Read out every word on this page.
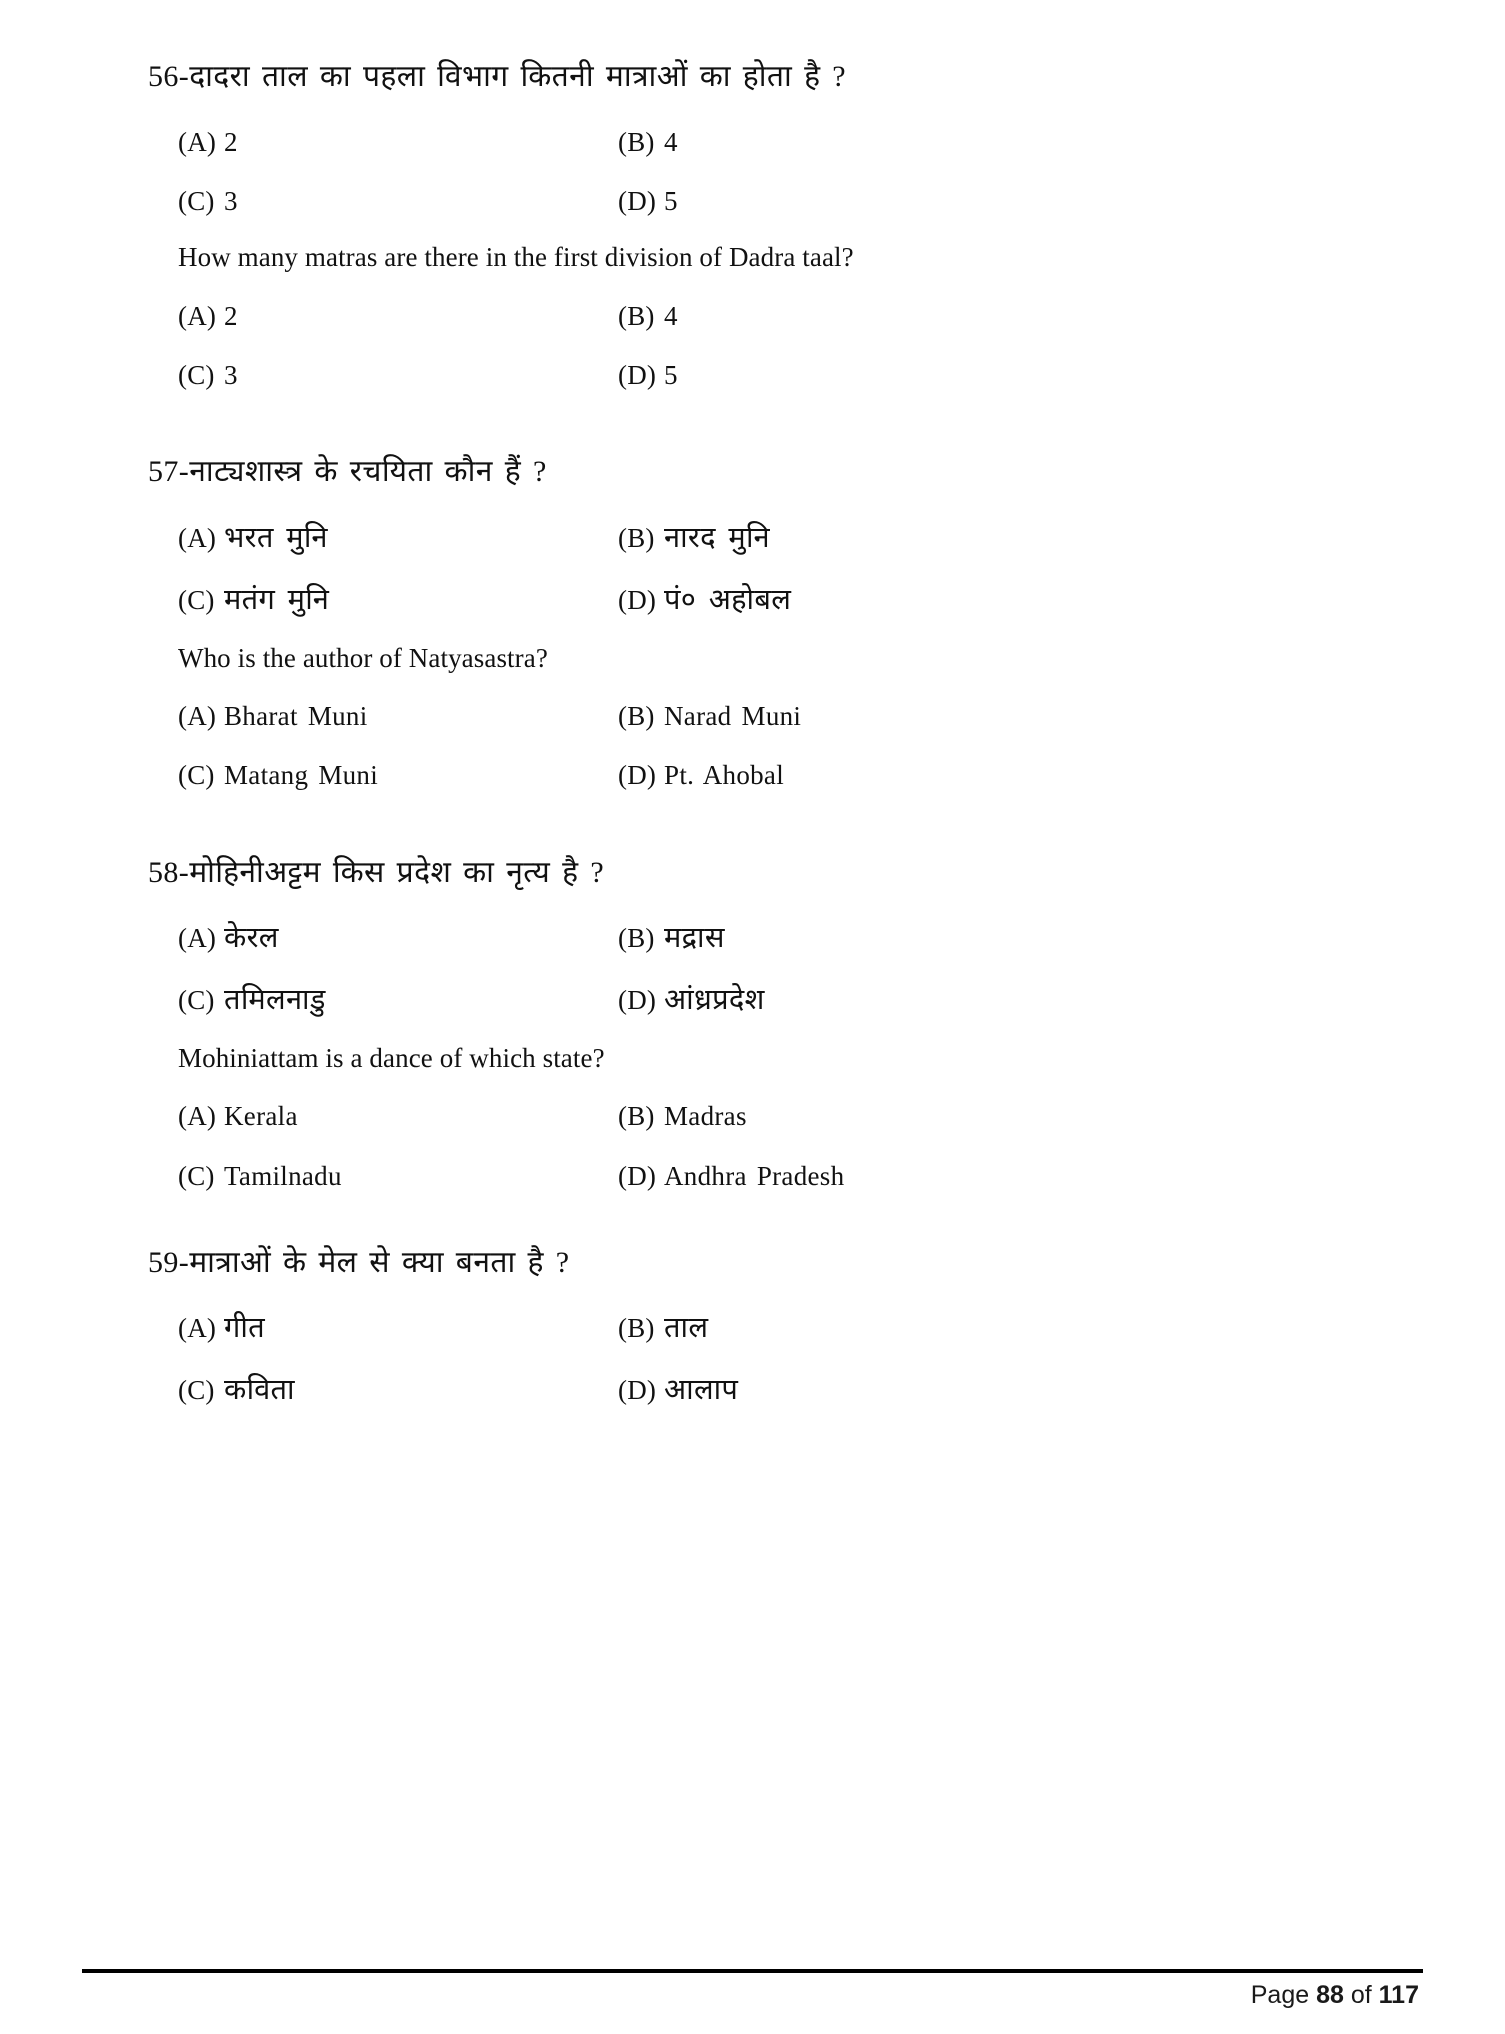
56-दादरा ताल का पहला विभाग कितनी मात्राओं का होता है ?
(A) 2	(B) 4
(C) 3	(D) 5
How many matras are there in the first division of Dadra taal?
(A) 2	(B) 4
(C) 3	(D) 5
57-नाट्यशास्त्र के रचयिता कौन हैं ?
(A) भरत मुनि	(B) नारद मुनि
(C) मतंग मुनि	(D) पं० अहोबल
Who is the author of Natyasastra?
(A) Bharat Muni	(B) Narad Muni
(C) Matang Muni	(D) Pt. Ahobal
58-मोहिनीअट्टम किस प्रदेश का नृत्य है ?
(A) केरल	(B) मद्रास
(C) तमिलनाडु	(D) आंध्रप्रदेश
Mohiniattam is a dance of which state?
(A) Kerala	(B) Madras
(C) Tamilnadu	(D) Andhra Pradesh
59-मात्राओं के मेल से क्या बनता है ?
(A) गीत	(B) ताल
(C) कविता	(D) आलाप
Page 88 of 117
